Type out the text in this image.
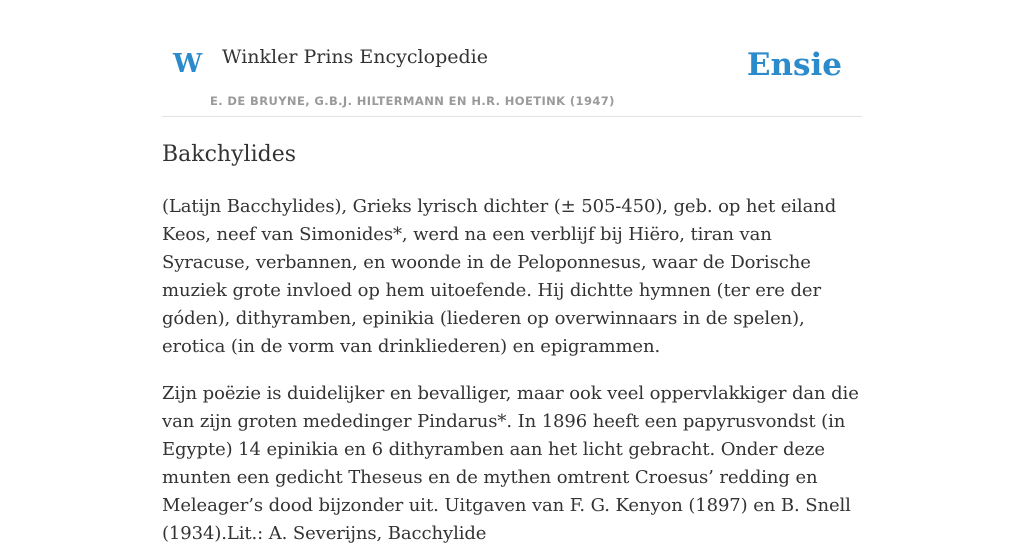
W Winkler Prins Encyclopedie
E. DE BRUYNE, G.B.J. HILTERMANN EN H.R. HOETINK (1947)
Ensie
Bakchylides

(Latijn Bacchylides), Grieks lyrisch dichter (± 505-450), geb. op het eiland Keos, neef van Simonides*, werd na een verblijf bij Hiëro, tiran van Syracuse, verbannen, en woonde in de Peloponnesus, waar de Dorische muziek grote invloed op hem uitoefende. Hij dichtte hymnen (ter ere der góden), dithyramben, epinikia (liederen op overwinnaars in de spelen), erotica (in de vorm van drinkliederen) en epigrammen.

Zijn poëzie is duidelijker en bevalliger, maar ook veel oppervlakkiger dan die van zijn groten mededinger Pindarus*. In 1896 heeft een papyrusvondst (in Egypte) 14 epinikia en 6 dithyramben aan het licht gebracht. Onder deze munten een gedicht Theseus en de mythen omtrent Croesus’ redding en Meleager’s dood bijzonder uit. Uitgaven van F. G. Kenyon (1897) en B. Snell (1934).Lit.: A. Severijns, Bacchylide
